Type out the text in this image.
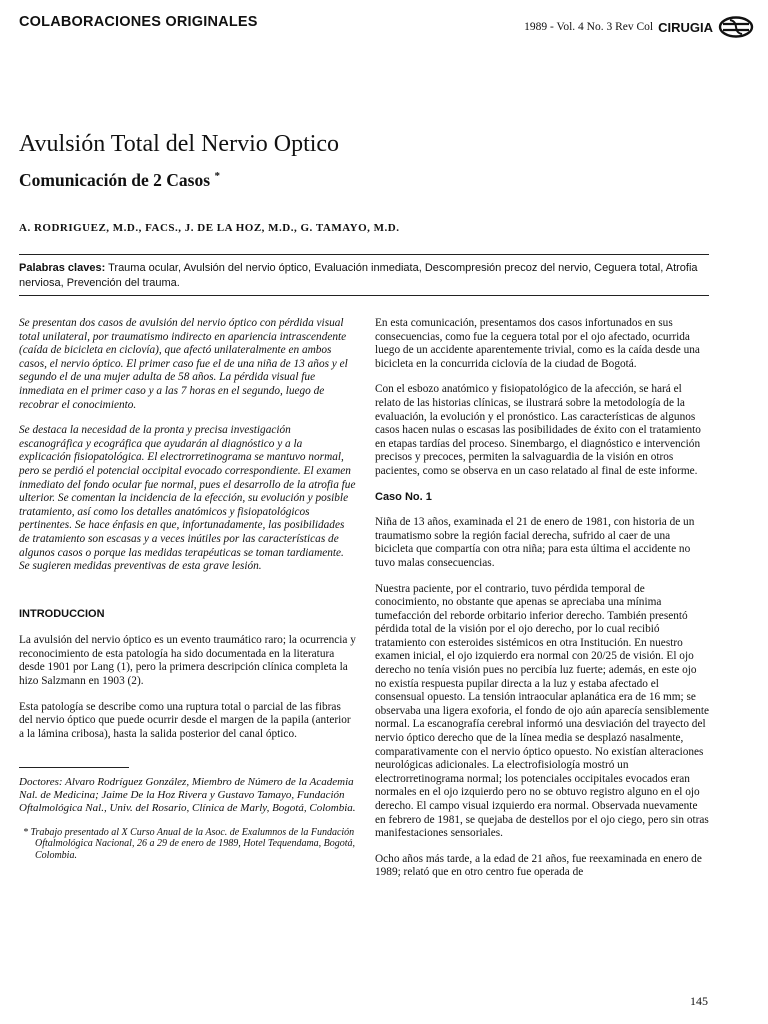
COLABORACIONES ORIGINALES	1989 - Vol. 4 No. 3 Rev Col CIRUGIA
Avulsión Total del Nervio Optico
Comunicación de 2 Casos *
A. RODRIGUEZ, M.D., FACS., J. DE LA HOZ, M.D., G. TAMAYO, M.D.
Palabras claves: Trauma ocular, Avulsión del nervio óptico, Evaluación inmediata, Descompresión precoz del nervio, Ceguera total, Atrofia nerviosa, Prevención del trauma.

Se presentan dos casos de avulsión del nervio óptico con pérdida visual total unilateral, por traumatismo indirecto en apariencia intrascendente (caída de bicicleta en ciclovía), que afectó unilateralmente en ambos casos, el nervio óptico. El primer caso fue el de una niña de 13 años y el segundo el de una mujer adulta de 58 años. La pérdida visual fue inmediata en el primer caso y a las 7 horas en el segundo, luego de recobrar el conocimiento.

Se destaca la necesidad de la pronta y precisa investigación escanográfica y ecográfica que ayudarán al diagnóstico y a la explicación fisiopatológica. El electrorretinograma se mantuvo normal, pero se perdió el potencial occipital evocado correspondiente. El examen inmediato del fondo ocular fue normal, pues el desarrollo de la atrofia fue ulterior. Se comentan la incidencia de la efección, su evolución y posible tratamiento, así como los detalles anatómicos y fisiopatológicos pertinentes. Se hace énfasis en que, infortunadamente, las posibilidades de tratamiento son escasas y a veces inútiles por las características de algunos casos o porque las medidas terapéuticas se toman tardiamente. Se sugieren medidas preventivas de esta grave lesión.

INTRODUCCION

La avulsión del nervio óptico es un evento traumático raro; la ocurrencia y reconocimiento de esta patología ha sido documentada en la literatura desde 1901 por Lang (1), pero la primera descripción clínica completa la hizo Salzmann en 1903 (2).

Esta patología se describe como una ruptura total o parcial de las fibras del nervio óptico que puede ocurrir desde el margen de la papila (anterior a la lámina cribosa), hasta la salida posterior del canal óptico.

Doctores: Alvaro Rodríguez González, Miembro de Número de la Academia Nal. de Medicina; Jaime De la Hoz Rivera y Gustavo Tamayo, Fundación Oftalmológica Nal., Univ. del Rosario, Clínica de Marly, Bogotá, Colombia.

* Trabajo presentado al X Curso Anual de la Asoc. de Exalumnos de la Fundación Oftalmológica Nacional, 26 a 29 de enero de 1989, Hotel Tequendama, Bogotá, Colombia.

En esta comunicación, presentamos dos casos infortunados en sus consecuencias, como fue la ceguera total por el ojo afectado, ocurrida luego de un accidente aparentemente trivial, como es la caída desde una bicicleta en la concurrida ciclovía de la ciudad de Bogotá.

Con el esbozo anatómico y fisiopatológico de la afección, se hará el relato de las historias clínicas, se ilustrará sobre la metodología de la evaluación, la evolución y el pronóstico. Las características de algunos casos hacen nulas o escasas las posibilidades de éxito con el tratamiento en etapas tardías del proceso. Sinembargo, el diagnóstico e intervención precisos y precoces, permiten la salvaguardia de la visión en otros pacientes, como se observa en un caso relatado al final de este informe.

Caso No. 1

Niña de 13 años, examinada el 21 de enero de 1981, con historia de un traumatismo sobre la región facial derecha, sufrido al caer de una bicicleta que compartía con otra niña; para esta última el accidente no tuvo malas consecuencias.

Nuestra paciente, por el contrario, tuvo pérdida temporal de conocimiento, no obstante que apenas se apreciaba una mínima tumefacción del reborde orbitario inferior derecho. También presentó pérdida total de la visión por el ojo derecho, por lo cual recibió tratamiento con esteroides sistémicos en otra Institución. En nuestro examen inicial, el ojo izquierdo era normal con 20/25 de visión. El ojo derecho no tenía visión pues no percibía luz fuerte; además, en este ojo no existía respuesta pupilar directa a la luz y estaba afectado el consensual opuesto. La tensión intraocular aplanática era de 16 mm; se observaba una ligera exoforia, el fondo de ojo aún aparecía sensiblemente normal. La escanografía cerebral informó una desviación del trayecto del nervio óptico derecho que de la línea media se desplazó nasalmente, comparativamente con el nervio óptico opuesto. No existían alteraciones neurológicas adicionales. La electrofisiología mostró un electrorretinograma normal; los potenciales occipitales evocados eran normales en el ojo izquierdo pero no se obtuvo registro alguno en el ojo derecho. El campo visual izquierdo era normal. Observada nuevamente en febrero de 1981, se quejaba de destellos por el ojo ciego, pero sin otras manifestaciones sensoriales.

Ocho años más tarde, a la edad de 21 años, fue reexaminada en enero de 1989; relató que en otro centro fue operada de

145
